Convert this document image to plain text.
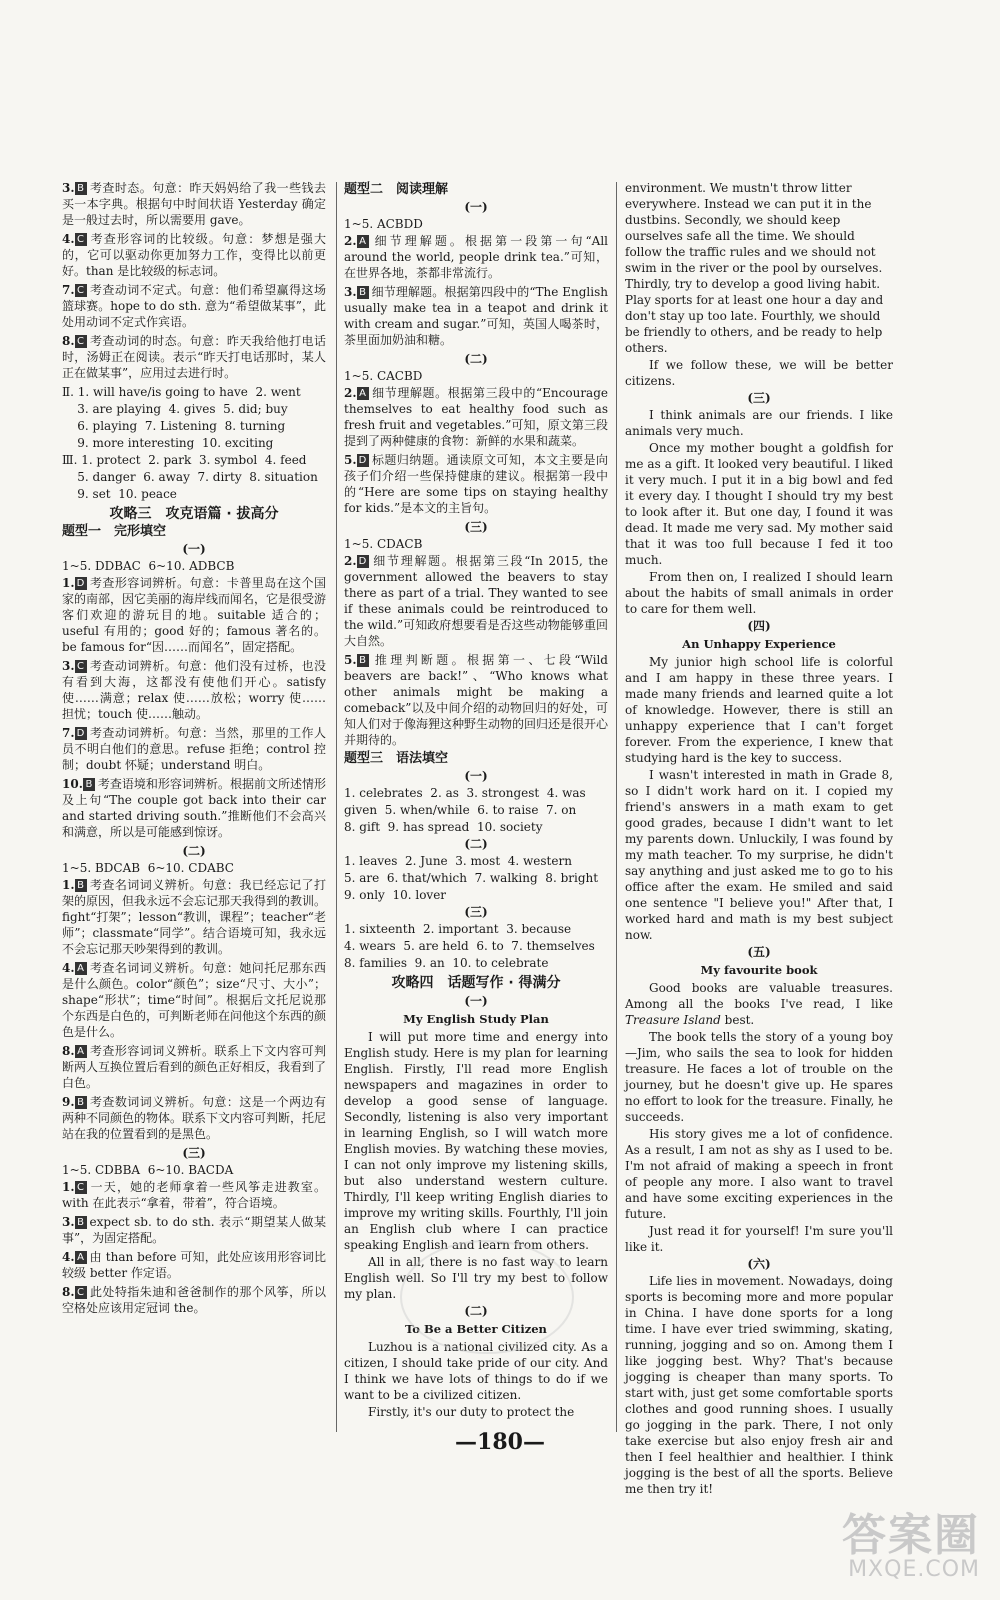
3. B 考查时态。句意：昨天妈妈给了我一些钱去买一本字典。根据句中时间状语 Yesterday 确定是一般过去时，所以需要用 gave。

4. C 考查形容词的比较级。句意：梦想是强大的，它可以驱动你更加努力工作，变得比以前更好。than 是比较级的标志词。

7. C 考查动词不定式。句意：他们希望赢得这场篮球赛。hope to do sth. 意为“希望做某事”，此处用动词不定式作宾语。

8. C 考查动词的时态。句意：昨天我给他打电话时，汤姆正在阅读。表示“昨天打电话那时，某人正在做某事”，应用过去进行时。

Ⅱ. 1. will have/is going to have  2. went

3. are playing  4. gives  5. did; buy

6. playing  7. Listening  8. turning

9. more interesting  10. exciting

Ⅲ. 1. protect  2. park  3. symbol  4. feed

5. danger  6. away  7. dirty  8. situation

9. set  10. peace

攻略三　攻克语篇 · 拔高分

题型一　完形填空

(一)

1~5. DDBAC  6~10. ADBCB

1. D 考查形容词辨析。句意：卡普里岛在这个国家的南部，因它美丽的海岸线而闻名，它是很受游客们欢迎的游玩目的地。suitable 适合的；useful 有用的；good 好的；famous 著名的。be famous for“因……而闻名”，固定搭配。

3. C 考查动词辨析。句意：他们没有过桥，也没有看到大海，这都没有使他们开心。satisfy 使……满意；relax 使……放松；worry 使……担忧；touch 使……触动。

7. D 考查动词辨析。句意：当然，那里的工作人员不明白他们的意思。refuse 拒绝；control 控制；doubt 怀疑；understand 明白。

10. B 考查语境和形容词辨析。根据前文所述情形及上句“The couple got back into their car and started driving south.”推断他们不会高兴和满意，所以是可能感到惊讶。

(二)

1~5. BDCAB  6~10. CDABC

1. B 考查名词词义辨析。句意：我已经忘记了打架的原因，但我永远不会忘记那天我得到的教训。fight“打架”；lesson“教训，课程”；teacher“老师”；classmate“同学”。结合语境可知，我永远不会忘记那天吵架得到的教训。

4. A 考查名词词义辨析。句意：她问托尼那东西是什么颜色。color“颜色”；size“尺寸、大小”；shape“形状”；time“时间”。根据后文托尼说那个东西是白色的，可判断老师在问他这个东西的颜色是什么。

8. A 考查形容词词义辨析。联系上下文内容可判断两人互换位置后看到的颜色正好相反，我看到了白色。

9. B 考查数词词义辨析。句意：这是一个两边有两种不同颜色的物体。联系下文内容可判断，托尼站在我的位置看到的是黑色。

(三)

1~5. CDBBA  6~10. BACDA

1. C 一天，她的老师拿着一些风筝走进教室。with 在此表示“拿着，带着”，符合语境。

3. B expect sb. to do sth. 表示“期望某人做某事”，为固定搭配。

4. A 由 than before 可知，此处应该用形容词比较级 better 作定语。

8. C 此处特指朱迪和爸爸制作的那个风筝，所以空格处应该用定冠词 the。

题型二　阅读理解

(一)

1~5. ACBDD

2. A 细节理解题。根据第一段第一句“All around the world, people drink tea.”可知，在世界各地，茶都非常流行。

3. B 细节理解题。根据第四段中的“The English usually make tea in a teapot and drink it with cream and sugar.”可知，英国人喝茶时，茶里面加奶油和糖。

(二)

1~5. CACBD

2. A 细节理解题。根据第三段中的“Encourage themselves to eat healthy food such as fresh fruit and vegetables.”可知，原文第三段提到了两种健康的食物：新鲜的水果和蔬菜。

5. D 标题归纳题。通读原文可知，本文主要是向孩子们介绍一些保持健康的建议。根据第一段中的“Here are some tips on staying healthy for kids.”是本文的主旨句。

(三)

1~5. CDACB

2. D 细节理解题。根据第三段“In 2015, the government allowed the beavers to stay there as part of a trial. They wanted to see if these animals could be reintroduced to the wild.”可知政府想要看是否这些动物能够重回大自然。

5. B 推理判断题。根据第一、七段“Wild beavers are back!”、“Who knows what other animals might be making a comeback”以及中间介绍的动物回归的好处，可知人们对于像海狸这种野生动物的回归还是很开心并期待的。

题型三　语法填空

(一)

1. celebrates  2. as  3. strongest  4. was

given  5. when/while  6. to raise  7. on

8. gift  9. has spread  10. society

(二)

1. leaves  2. June  3. most  4. western

5. are  6. that/which  7. walking  8. bright

9. only  10. lover

(三)

1. sixteenth  2. important  3. because

4. wears  5. are held  6. to  7. themselves

8. families  9. an  10. to celebrate

攻略四　话题写作 · 得满分

(一)

My English Study Plan

I will put more time and energy into English study. Here is my plan for learning English. Firstly, I'll read more English newspapers and magazines in order to develop a good sense of language. Secondly, listening is also very important in learning English, so I will watch more English movies. By watching these movies, I can not only improve my listening skills, but also understand western culture. Thirdly, I'll keep writing English diaries to improve my writing skills. Fourthly, I'll join an English club where I can practice speaking English and learn from others.

All in all, there is no fast way to learn English well. So I'll try my best to follow my plan.

(二)

To Be a Better Citizen

Luzhou is a national civilized city. As a citizen, I should take pride of our city. And I think we have lots of things to do if we want to be a civilized citizen.

Firstly, it's our duty to protect the

environment. We mustn't throw litter everywhere. Instead we can put it in the dustbins. Secondly, we should keep ourselves safe all the time. We should follow the traffic rules and we should not swim in the river or the pool by ourselves. Thirdly, try to develop a good living habit. Play sports for at least one hour a day and don't stay up too late. Fourthly, we should be friendly to others, and be ready to help others.

If we follow these, we will be better citizens.

(三)

I think animals are our friends. I like animals very much.

Once my mother bought a goldfish for me as a gift. It looked very beautiful. I liked it very much. I put it in a big bowl and fed it every day. I thought I should try my best to look after it. But one day, I found it was dead. It made me very sad. My mother said that it was too full because I fed it too much.

From then on, I realized I should learn about the habits of small animals in order to care for them well.

(四)

An Unhappy Experience

My junior high school life is colorful and I am happy in these three years. I made many friends and learned quite a lot of knowledge. However, there is still an unhappy experience that I can't forget forever. From the experience, I knew that studying hard is the key to success.

I wasn't interested in math in Grade 8, so I didn't work hard on it. I copied my friend's answers in a math exam to get good grades, because I didn't want to let my parents down. Unluckily, I was found by my math teacher. To my surprise, he didn't say anything and just asked me to go to his office after the exam. He smiled and said one sentence "I believe you!" After that, I worked hard and math is my best subject now.

(五)

My favourite book

Good books are valuable treasures. Among all the books I've read, I like Treasure Island best.

The book tells the story of a young boy—Jim, who sails the sea to look for hidden treasure. He faces a lot of trouble on the journey, but he doesn't give up. He spares no effort to look for the treasure. Finally, he succeeds.

His story gives me a lot of confidence. As a result, I am not as shy as I used to be. I'm not afraid of making a speech in front of people any more. I also want to travel and have some exciting experiences in the future.

Just read it for yourself! I'm sure you'll like it.

(六)

Life lies in movement. Nowadays, doing sports is becoming more and more popular in China. I have done sports for a long time. I have ever tried swimming, skating, running, jogging and so on. Among them I like jogging best. Why? That's because jogging is cheaper than many sports. To start with, just get some comfortable sports clothes and good running shoes. I usually go jogging in the park. There, I not only take exercise but also enjoy fresh air and then I feel healthier and healthier. I think jogging is the best of all the sports. Believe me then try it!

—180—
答案圈
MXQE.COM
